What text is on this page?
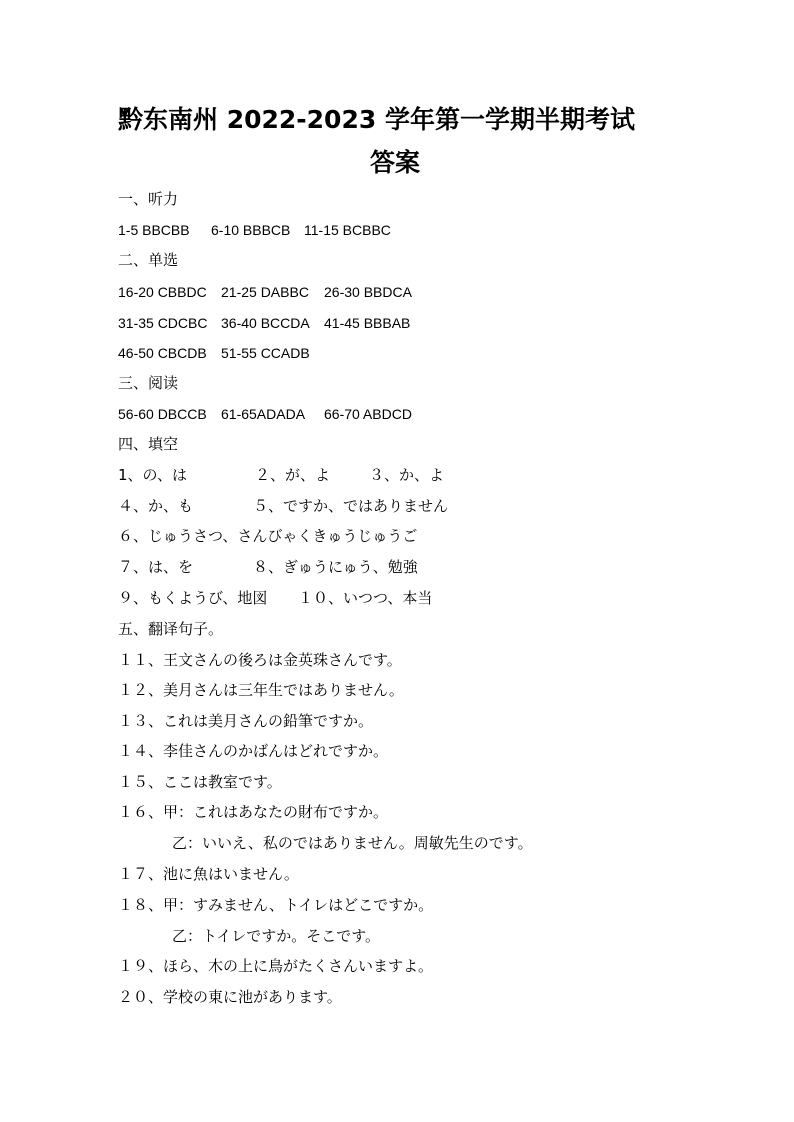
黔东南州 2022-2023 学年第一学期半期考试
答案
一、听力
1-5 BBCBB 6-10 BBBCB 11-15 BCBBC
二、单选
16-20 CBBDC 21-25 DABBC 26-30 BBDCA
31-35 CDCBC 36-40 BCCDA 41-45 BBBAB
46-50 CBCDB 51-55 CCADB
三、阅读
56-60 DBCCB 61-65ADADA 66-70 ABDCD
四、填空
1、の、は	２、が、よ	３、か、よ
４、か、も	５、ですか、ではありません
６、じゅうさつ、さんびゃくきゅうじゅうご
７、は、を	８、ぎゅうにゅう、勉強
９、もくようび、地図 １０、いつつ、本当
五、翻译句子。
１１、王文さんの後ろは金英珠さんです。
１２、美月さんは三年生ではありません。
１３、これは美月さんの鉛筆ですか。
１４、李佳さんのかばんはどれですか。
１５、ここは教室です。
１６、甲：これはあなたの財布ですか。
乙：いいえ、私のではありません。周敏先生のです。
１７、池に魚はいません。
１８、甲：すみません、トイレはどこですか。
乙：トイレですか。そこです。
１９、ほら、木の上に鳥がたくさんいますよ。
２０、学校の東に池があります。
